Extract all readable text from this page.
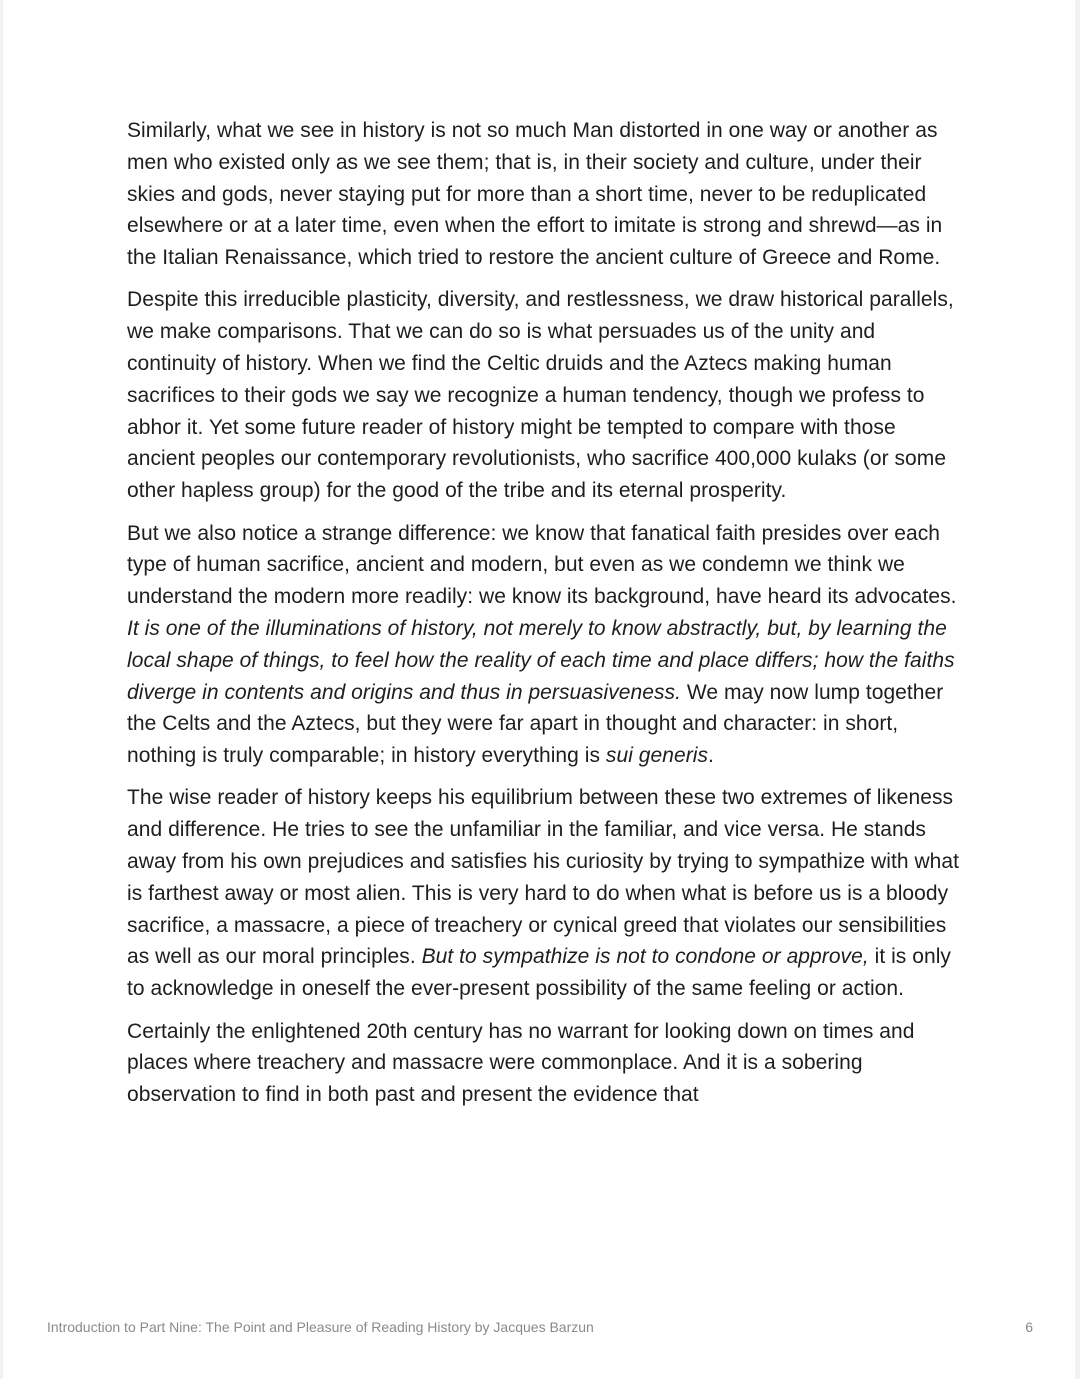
Similarly, what we see in history is not so much Man distorted in one way or another as men who existed only as we see them; that is, in their society and culture, under their skies and gods, never staying put for more than a short time, never to be reduplicated elsewhere or at a later time, even when the effort to imitate is strong and shrewd—as in the Italian Renaissance, which tried to restore the ancient culture of Greece and Rome.

Despite this irreducible plasticity, diversity, and restlessness, we draw historical parallels, we make comparisons. That we can do so is what persuades us of the unity and continuity of history. When we find the Celtic druids and the Aztecs making human sacrifices to their gods we say we recognize a human tendency, though we profess to abhor it. Yet some future reader of history might be tempted to compare with those ancient peoples our contemporary revolutionists, who sacrifice 400,000 kulaks (or some other hapless group) for the good of the tribe and its eternal prosperity.

But we also notice a strange difference: we know that fanatical faith presides over each type of human sacrifice, ancient and modern, but even as we condemn we think we understand the modern more readily: we know its background, have heard its advocates. It is one of the illuminations of history, not merely to know abstractly, but, by learning the local shape of things, to feel how the reality of each time and place differs; how the faiths diverge in contents and origins and thus in persuasiveness. We may now lump together the Celts and the Aztecs, but they were far apart in thought and character: in short, nothing is truly comparable; in history everything is sui generis.

The wise reader of history keeps his equilibrium between these two extremes of likeness and difference. He tries to see the unfamiliar in the familiar, and vice versa. He stands away from his own prejudices and satisfies his curiosity by trying to sympathize with what is farthest away or most alien. This is very hard to do when what is before us is a bloody sacrifice, a massacre, a piece of treachery or cynical greed that violates our sensibilities as well as our moral principles. But to sympathize is not to condone or approve, it is only to acknowledge in oneself the ever-present possibility of the same feeling or action.

Certainly the enlightened 20th century has no warrant for looking down on times and places where treachery and massacre were commonplace. And it is a sobering observation to find in both past and present the evidence that

Introduction to Part Nine: The Point and Pleasure of Reading History by Jacques Barzun	6
